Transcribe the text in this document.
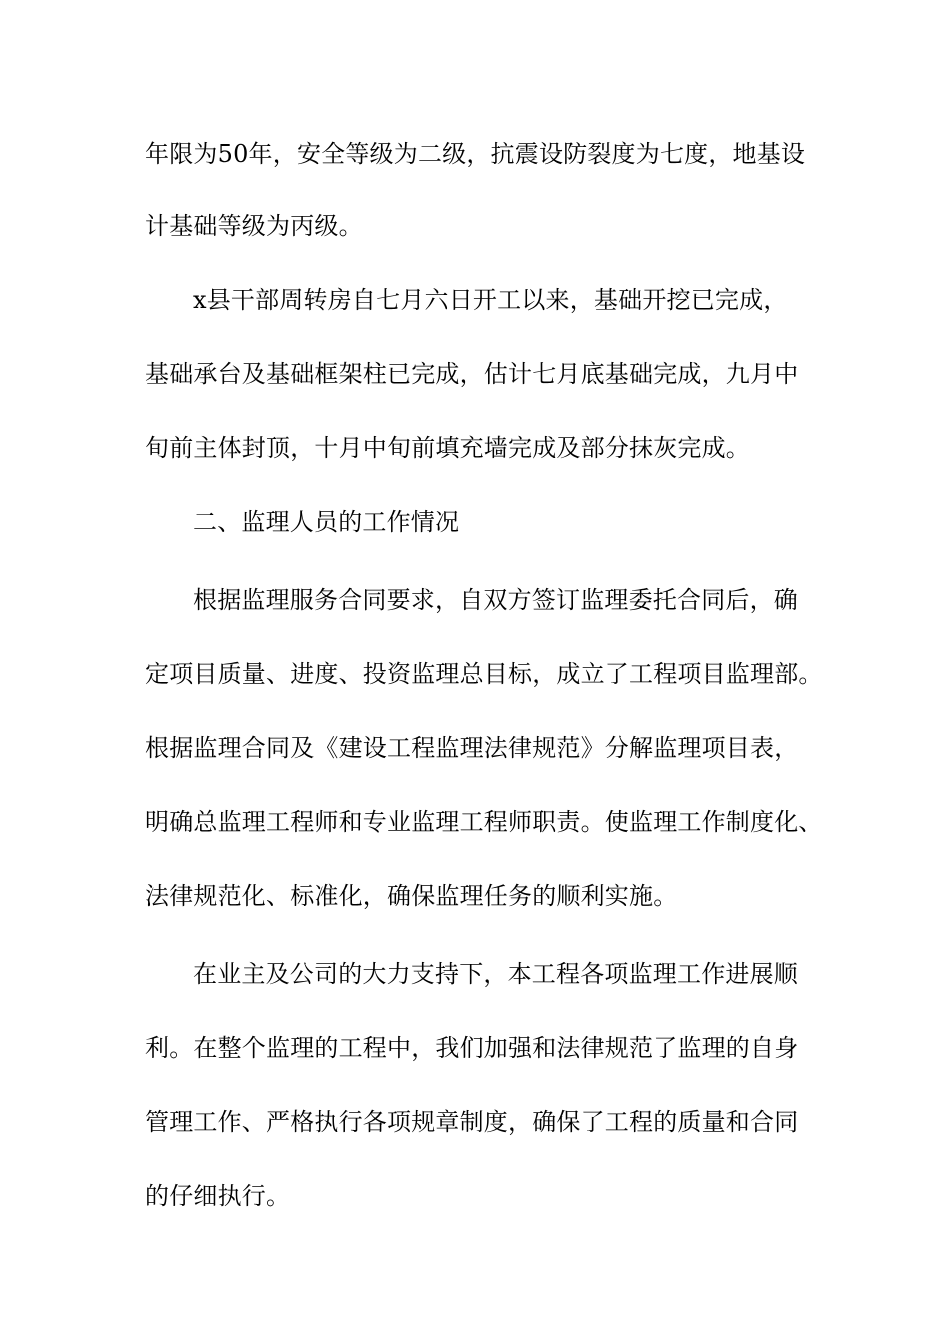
年限为50年，安全等级为二级，抗震设防裂度为七度，地基设
计基础等级为丙级。
x县干部周转房自七月六日开工以来，基础开挖已完成，
基础承台及基础框架柱已完成，估计七月底基础完成，九月中
旬前主体封顶，十月中旬前填充墙完成及部分抹灰完成。
二、监理人员的工作情况
根据监理服务合同要求，自双方签订监理委托合同后，确
定项目质量、进度、投资监理总目标，成立了工程项目监理部。
根据监理合同及《建设工程监理法律规范》分解监理项目表，
明确总监理工程师和专业监理工程师职责。使监理工作制度化、
法律规范化、标准化，确保监理任务的顺利实施。
在业主及公司的大力支持下，本工程各项监理工作进展顺
利。在整个监理的工程中，我们加强和法律规范了监理的自身
管理工作、严格执行各项规章制度，确保了工程的质量和合同
的仔细执行。
